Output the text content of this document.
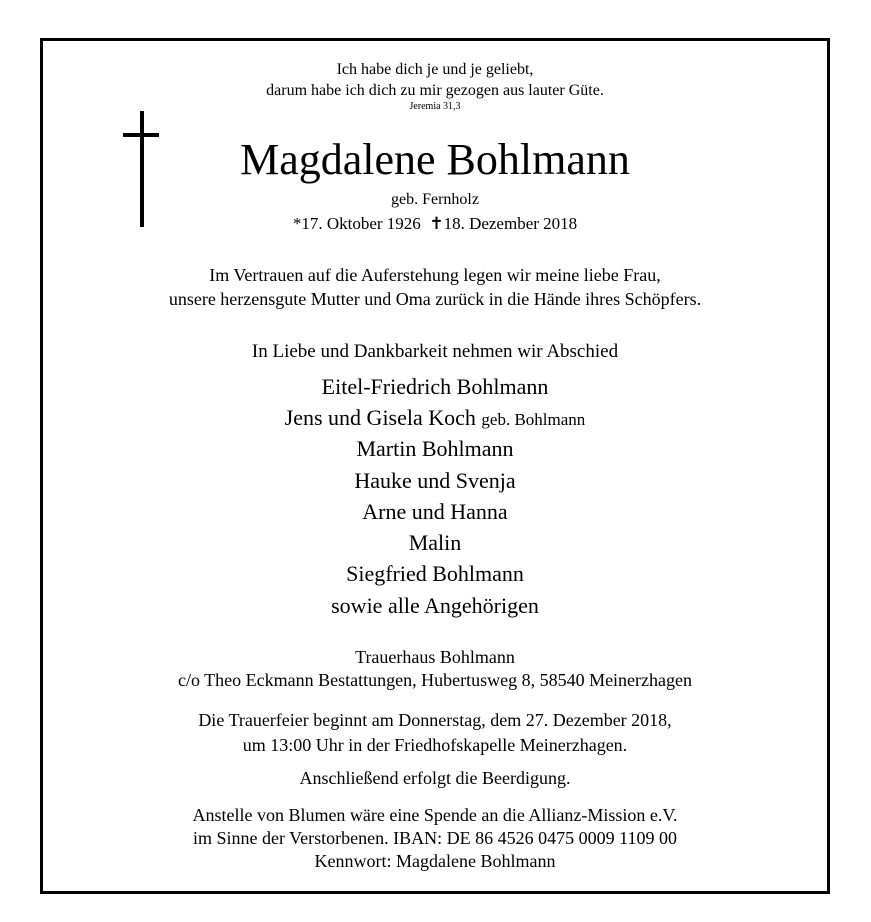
Ich habe dich je und je geliebt,
darum habe ich dich zu mir gezogen aus lauter Güte.
Jeremia 31,3
Magdalene Bohlmann
geb. Fernholz
*17. Oktober 1926 ✝18. Dezember 2018
Im Vertrauen auf die Auferstehung legen wir meine liebe Frau,
unsere herzensgute Mutter und Oma zurück in die Hände ihres Schöpfers.
In Liebe und Dankbarkeit nehmen wir Abschied
Eitel-Friedrich Bohlmann
Jens und Gisela Koch geb. Bohlmann
Martin Bohlmann
Hauke und Svenja
Arne und Hanna
Malin
Siegfried Bohlmann
sowie alle Angehörigen
Trauerhaus Bohlmann
c/o Theo Eckmann Bestattungen, Hubertusweg 8, 58540 Meinerzhagen
Die Trauerfeier beginnt am Donnerstag, dem 27. Dezember 2018,
um 13:00 Uhr in der Friedhofskapelle Meinerzhagen.
Anschließend erfolgt die Beerdigung.
Anstelle von Blumen wäre eine Spende an die Allianz-Mission e.V.
im Sinne der Verstorbenen. IBAN: DE 86 4526 0475 0009 1109 00
Kennwort: Magdalene Bohlmann
